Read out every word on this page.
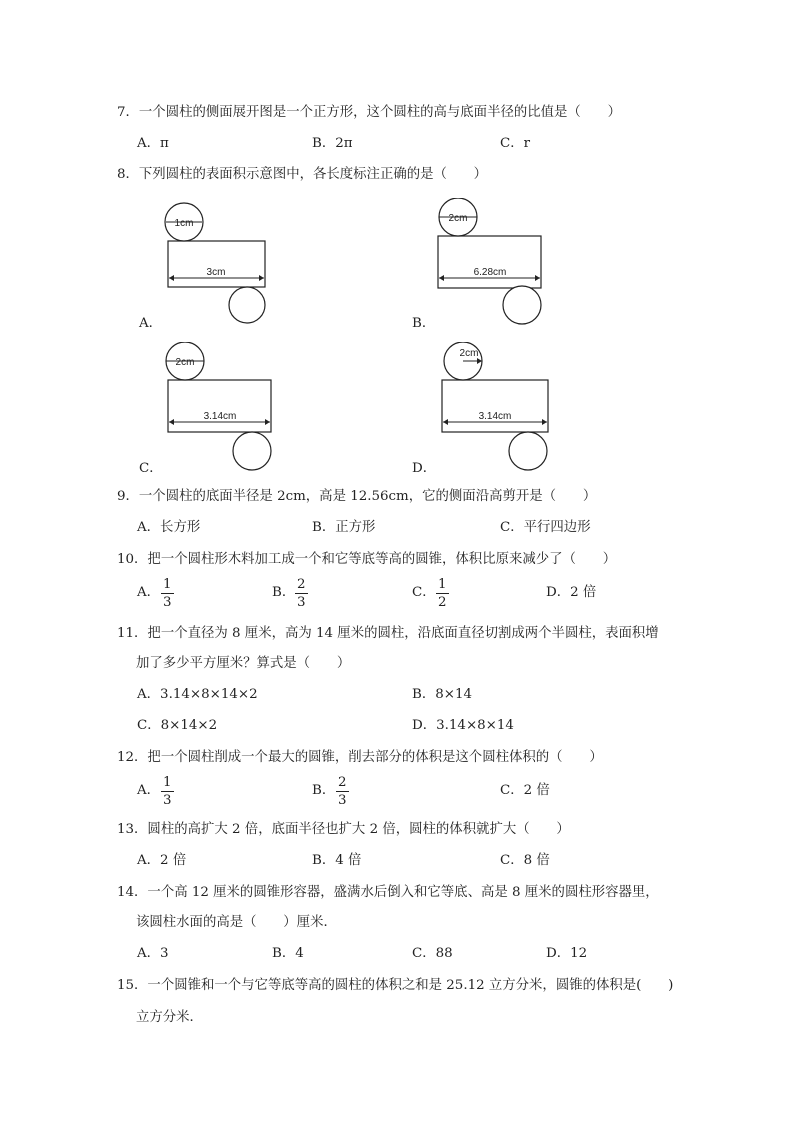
7．一个圆柱的侧面展开图是一个正方形，这个圆柱的高与底面半径的比值是（　　）
A．π	B．2π	C．r
8．下列圆柱的表面积示意图中，各长度标注正确的是（　　）
1cm
3cm
A．
2cm
6.28cm
B．
2cm
3.14cm
C．
2cm
3.14cm
D．
9．一个圆柱的底面半径是 2cm，高是 12.56cm，它的侧面沿高剪开是（　　）
A．长方形	B．正方形	C．平行四边形
10．把一个圆柱形木料加工成一个和它等底等高的圆锥，体积比原来减少了（　　）
A． $\frac{1}{3}$	B． $\frac{2}{3}$	C． $\frac{1}{2}$	D．2 倍
11．把一个直径为 8 厘米，高为 14 厘米的圆柱，沿底面直径切割成两个半圆柱，表面积增
加了多少平方厘米？算式是（　　）
A．3.14×8×14×2	B．8×14
C．8×14×2	D．3.14×8×14
12．把一个圆柱削成一个最大的圆锥，削去部分的体积是这个圆柱体积的（　　）
A． $\frac{1}{3}$	B． $\frac{2}{3}$	C．2 倍
13．圆柱的高扩大 2 倍，底面半径也扩大 2 倍，圆柱的体积就扩大（　　）
A．2 倍	B．4 倍	C．8 倍
14．一个高 12 厘米的圆锥形容器，盛满水后倒入和它等底、高是 8 厘米的圆柱形容器里，
该圆柱水面的高是（　　）厘米．
A．3	B．4	C．88	D．12
15．一个圆锥和一个与它等底等高的圆柱的体积之和是 25.12 立方分米，圆锥的体积是(　　)
立方分米．
